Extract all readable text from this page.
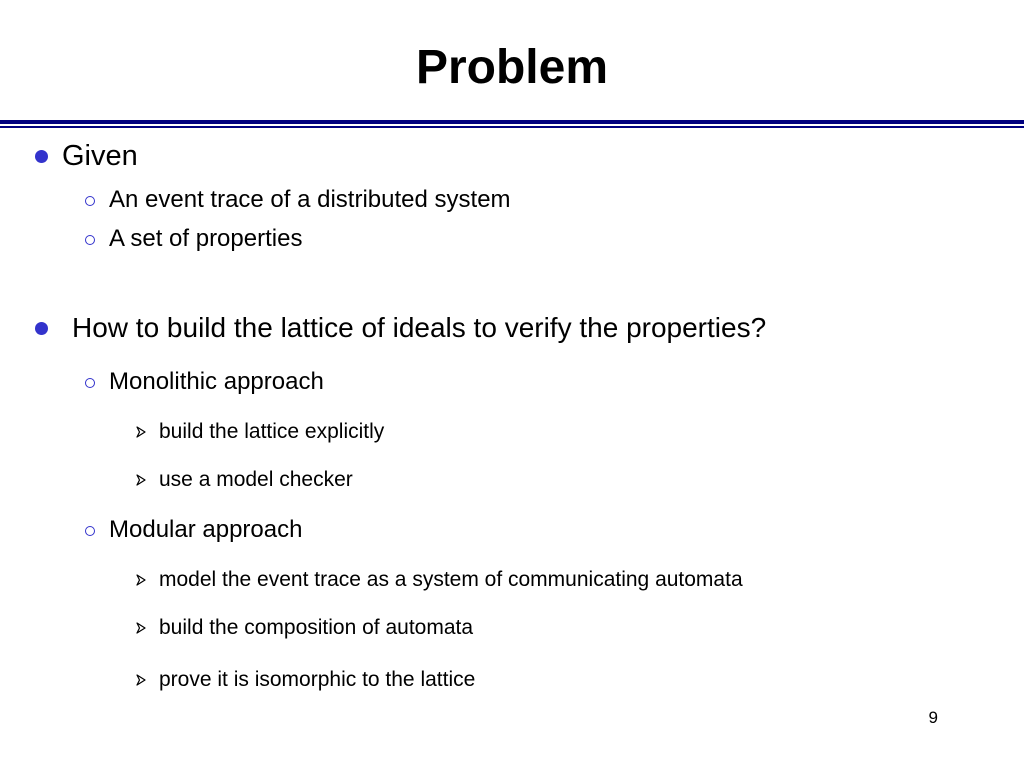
Problem
Given
An event trace of a distributed system
A set of properties
How to build the lattice of ideals to verify the properties?
Monolithic approach
build the lattice explicitly
use a model checker
Modular approach
model the event trace as a system of communicating automata
build the composition of automata
prove it is isomorphic to the lattice
9
